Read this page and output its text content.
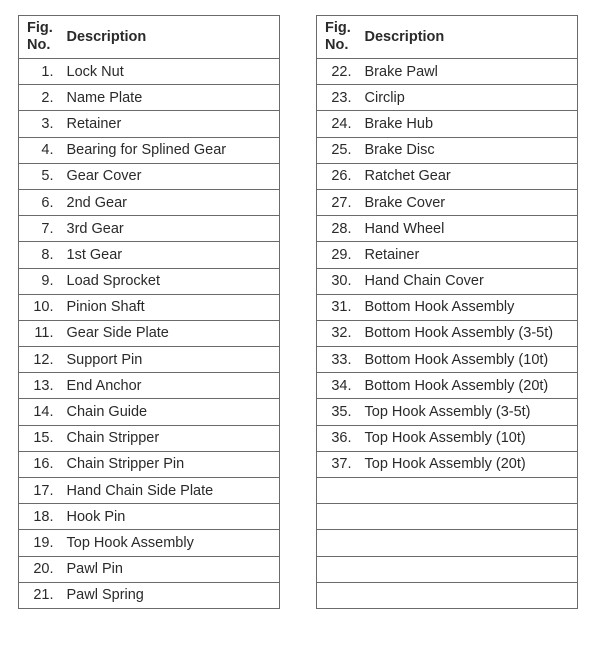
Fig.
No.	Description
1.	Lock Nut
2.	Name Plate
3.	Retainer
4.	Bearing for Splined Gear
5.	Gear Cover
6.	2nd Gear
7.	3rd Gear
8.	1st Gear
9.	Load Sprocket
10.	Pinion Shaft
11.	Gear Side Plate
12.	Support Pin
13.	End Anchor
14.	Chain Guide
15.	Chain Stripper
16.	Chain Stripper Pin
17.	Hand Chain Side Plate
18.	Hook Pin
19.	Top Hook Assembly
20.	Pawl Pin
21.	Pawl Spring
Fig.
No.	Description
22.	Brake Pawl
23.	Circlip
24.	Brake Hub
25.	Brake Disc
26.	Ratchet Gear
27.	Brake Cover
28.	Hand Wheel
29.	Retainer
30.	Hand Chain Cover
31.	Bottom Hook Assembly
32.	Bottom Hook Assembly (3-5t)
33.	Bottom Hook Assembly (10t)
34.	Bottom Hook Assembly (20t)
35.	Top Hook Assembly (3-5t)
36.	Top Hook Assembly (10t)
37.	Top Hook Assembly (20t)
